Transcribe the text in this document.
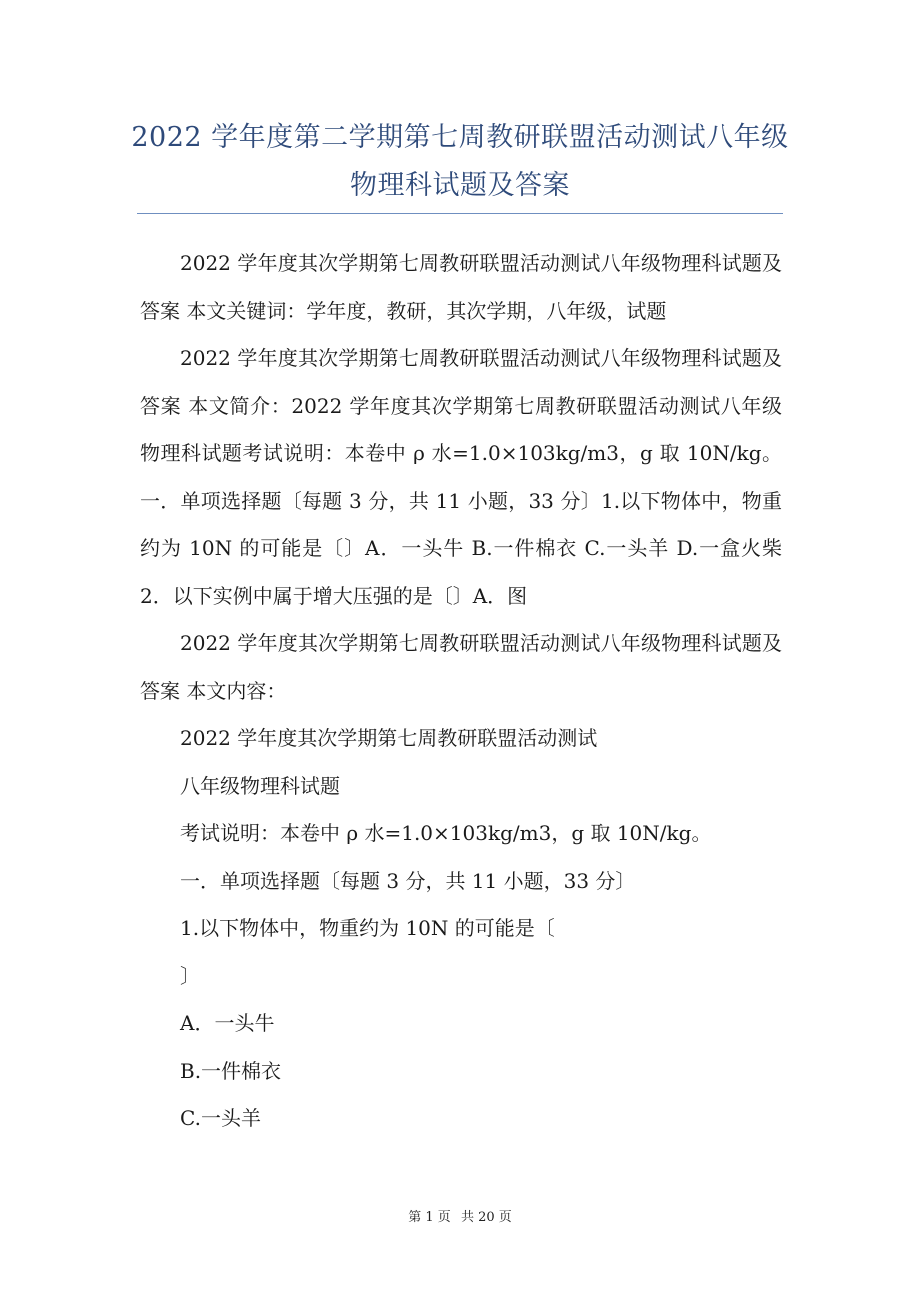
2022 学年度第二学期第七周教研联盟活动测试八年级物理科试题及答案

2022 学年度其次学期第七周教研联盟活动测试八年级物理科试题及答案 本文关键词：学年度，教研，其次学期，八年级，试题

2022 学年度其次学期第七周教研联盟活动测试八年级物理科试题及答案 本文简介：2022 学年度其次学期第七周教研联盟活动测试八年级物理科试题考试说明：本卷中 ρ 水=1.0×103kg/m3，g 取 10N/kg。一．单项选择题〔每题 3 分，共 11 小题，33 分〕1.以下物体中，物重约为 10N 的可能是〔〕A．一头牛 B.一件棉衣 C.一头羊 D.一盒火柴 2．以下实例中属于增大压强的是〔〕A．图

2022 学年度其次学期第七周教研联盟活动测试八年级物理科试题及答案 本文内容：

2022 学年度其次学期第七周教研联盟活动测试

八年级物理科试题

考试说明：本卷中 ρ 水=1.0×103kg/m3，g 取 10N/kg。

一．单项选择题〔每题 3 分，共 11 小题，33 分〕

1.以下物体中，物重约为 10N 的可能是〔

〕

A．一头牛

B.一件棉衣

C.一头羊

第 1 页 共 20 页
